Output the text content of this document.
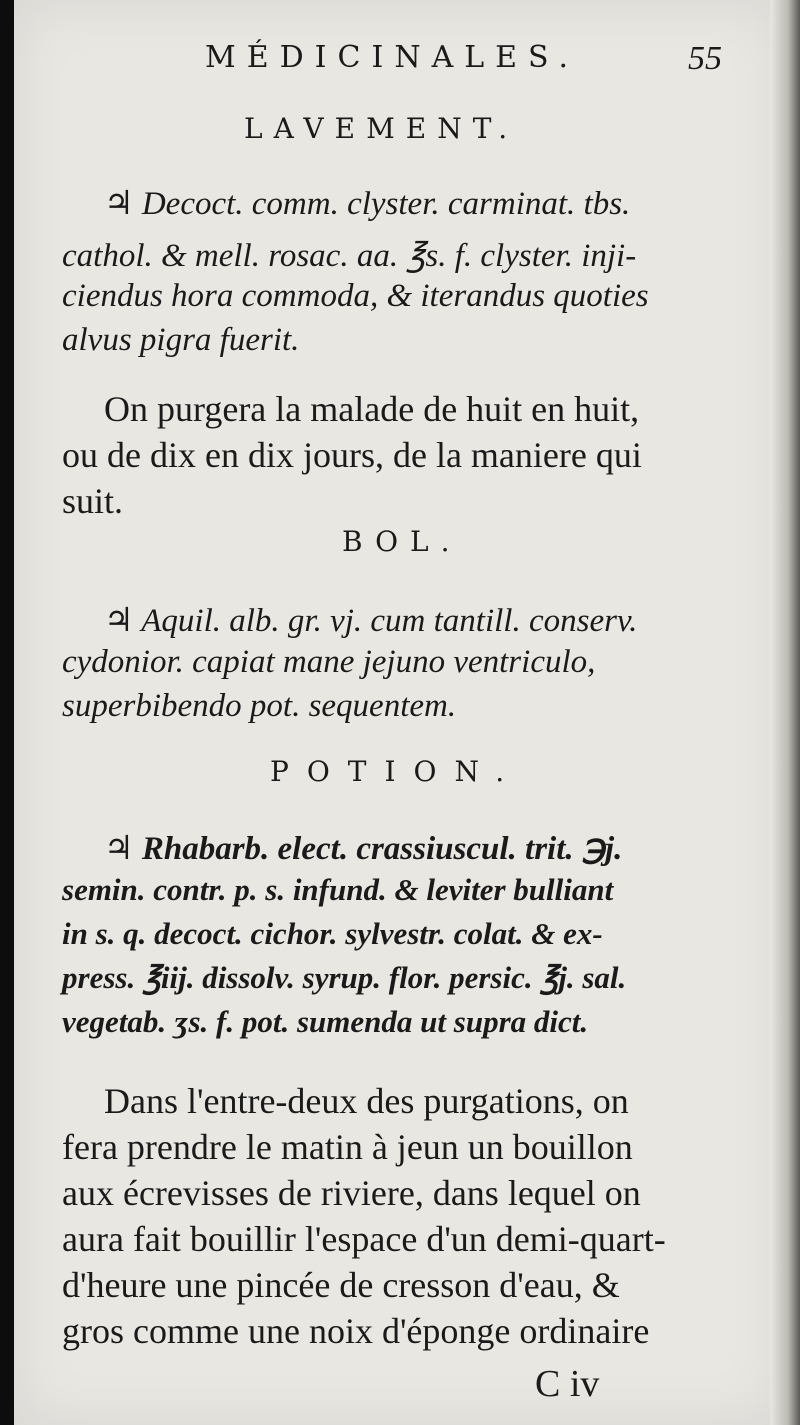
MÉDICINALES.	55

LAVEMENT.

♃ Decoct. comm. clyster. carminat. tbs.

cathol. & mell. rosac. aa. ℥s. f. clyster. inji-

ciendus hora commoda, & iterandus quoties

alvus pigra fuerit.

On purgera la malade de huit en huit,

ou de dix en dix jours, de la maniere qui

suit.

BOL.

♃ Aquil. alb. gr. vj. cum tantill. conserv.

cydonior. capiat mane jejuno ventriculo,

superbibendo pot. sequentem.

POTION.

♃ Rhabarb. elect. crassiuscul. trit. ℈j.

semin. contr. p. s. infund. & leviter bulliant

in s. q. decoct. cichor. sylvestr. colat. & ex-

press. ℥iij. dissolv. syrup. flor. persic. ℥j. sal.

vegetab. ʒs. f. pot. sumenda ut supra dict.

Dans l'entre-deux des purgations, on

fera prendre le matin à jeun un bouillon

aux écrevisses de riviere, dans lequel on

aura fait bouillir l'espace d'un demi-quart-

d'heure une pincée de cresson d'eau, &

gros comme une noix d'éponge ordinaire

C iv
